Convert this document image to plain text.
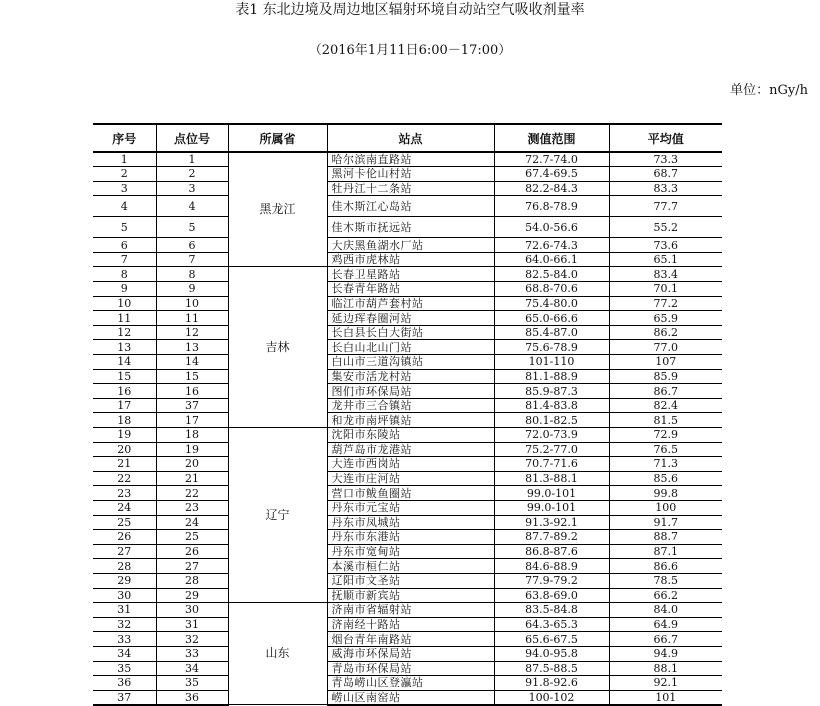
表1 东北边境及周边地区辐射环境自动站空气吸收剂量率
（2016年1月11日6:00－17:00）
单位：nGy/h
序号	点位号	所属省	站点	测值范围	平均值
1	1	黑龙江	哈尔滨南直路站	72.7-74.0	73.3
2	2		黑河卡伦山村站	67.4-69.5	68.7
3	3		牡丹江十二条站	82.2-84.3	83.3
4	4		佳木斯江心岛站	76.8-78.9	77.7
5	5		佳木斯市抚远站	54.0-56.6	55.2
6	6		大庆黑鱼湖水厂站	72.6-74.3	73.6
7	7		鸡西市虎林站	64.0-66.1	65.1
8	8	吉林	长春卫星路站	82.5-84.0	83.4
9	9		长春青年路站	68.8-70.6	70.1
10	10		临江市葫芦套村站	75.4-80.0	77.2
11	11		延边珲春圈河站	65.0-66.6	65.9
12	12		长白县长白大街站	85.4-87.0	86.2
13	13		长白山北山门站	75.6-78.9	77.0
14	14		白山市三道沟镇站	101-110	107
15	15		集安市活龙村站	81.1-88.9	85.9
16	16		图们市环保局站	85.9-87.3	86.7
17	37		龙井市三合镇站	81.4-83.8	82.4
18	17		和龙市南坪镇站	80.1-82.5	81.5
19	18	辽宁	沈阳市东陵站	72.0-73.9	72.9
20	19		葫芦岛市龙港站	75.2-77.0	76.5
21	20		大连市西岗站	70.7-71.6	71.3
22	21		大连市庄河站	81.3-88.1	85.6
23	22		营口市鲅鱼圈站	99.0-101	99.8
24	23		丹东市元宝站	99.0-101	100
25	24		丹东市凤城站	91.3-92.1	91.7
26	25		丹东市东港站	87.7-89.2	88.7
27	26		丹东市宽甸站	86.8-87.6	87.1
28	27		本溪市桓仁站	84.6-88.9	86.6
29	28		辽阳市文圣站	77.9-79.2	78.5
30	29		抚顺市新宾站	63.8-69.0	66.2
31	30	山东	济南市省辐射站	83.5-84.8	84.0
32	31		济南经十路站	64.3-65.3	64.9
33	32		烟台青年南路站	65.6-67.5	66.7
34	33		威海市环保局站	94.0-95.8	94.9
35	34		青岛市环保局站	87.5-88.5	88.1
36	35		青岛崂山区登瀛站	91.8-92.6	92.1
37	36		崂山区南窑站	100-102	101
